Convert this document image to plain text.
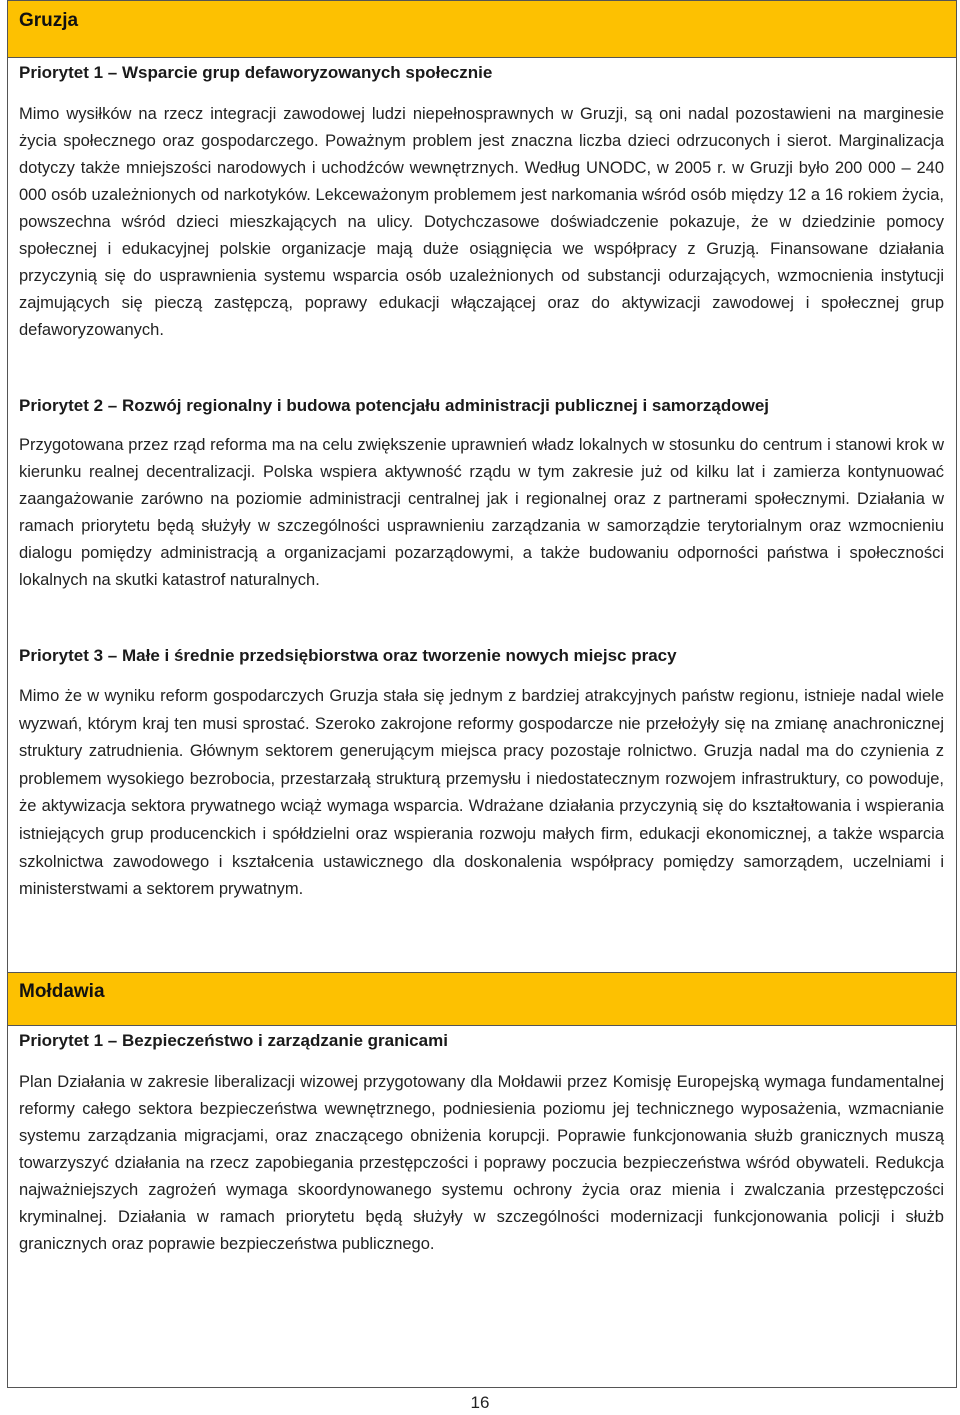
Gruzja
Priorytet 1 – Wsparcie grup defaworyzowanych społecznie
Mimo wysiłków na rzecz integracji zawodowej ludzi niepełnosprawnych w Gruzji, są oni nadal pozostawieni na marginesie życia społecznego oraz gospodarczego. Poważnym problem jest znaczna liczba dzieci odrzuconych i sierot. Marginalizacja dotyczy także mniejszości narodowych i uchodźców wewnętrznych. Według UNODC, w 2005 r. w Gruzji było 200 000 – 240 000 osób uzależnionych od narkotyków. Lekceważonym problemem jest narkomania wśród osób między 12 a 16 rokiem życia, powszechna wśród dzieci mieszkających na ulicy. Dotychczasowe doświadczenie pokazuje, że w dziedzinie pomocy społecznej i edukacyjnej polskie organizacje mają duże osiągnięcia we współpracy z Gruzją. Finansowane działania przyczynią się do usprawnienia systemu wsparcia osób uzależnionych od substancji odurzających, wzmocnienia instytucji zajmujących się pieczą zastępczą, poprawy edukacji włączającej oraz do aktywizacji zawodowej i społecznej grup defaworyzowanych.
Priorytet 2 – Rozwój regionalny i budowa potencjału administracji publicznej i samorządowej
Przygotowana przez rząd reforma ma na celu zwiększenie uprawnień władz lokalnych w stosunku do centrum i stanowi krok w kierunku realnej decentralizacji. Polska wspiera aktywność rządu w tym zakresie już od kilku lat i zamierza kontynuować zaangażowanie zarówno na poziomie administracji centralnej jak i regionalnej oraz z partnerami społecznymi. Działania w ramach priorytetu będą służyły w szczególności usprawnieniu zarządzania w samorządzie terytorialnym oraz wzmocnieniu dialogu pomiędzy administracją a organizacjami pozarządowymi, a także budowaniu odporności państwa i społeczności lokalnych na skutki katastrof naturalnych.
Priorytet 3 – Małe i średnie przedsiębiorstwa oraz tworzenie nowych miejsc pracy
Mimo że w wyniku reform gospodarczych Gruzja stała się jednym z bardziej atrakcyjnych państw regionu, istnieje nadal wiele wyzwań, którym kraj ten musi sprostać. Szeroko zakrojone reformy gospodarcze nie przełożyły się na zmianę anachronicznej struktury zatrudnienia. Głównym sektorem generującym miejsca pracy pozostaje rolnictwo. Gruzja nadal ma do czynienia z problemem wysokiego bezrobocia, przestarzałą strukturą przemysłu i niedostatecznym rozwojem infrastruktury, co powoduje, że aktywizacja sektora prywatnego wciąż wymaga wsparcia. Wdrażane działania przyczynią się do kształtowania i wspierania istniejących grup producenckich i spółdzielni oraz wspierania rozwoju małych firm, edukacji ekonomicznej, a także wsparcia szkolnictwa zawodowego i kształcenia ustawicznego dla doskonalenia współpracy pomiędzy samorządem, uczelniami i ministerstwami a sektorem prywatnym.
Mołdawia
Priorytet 1 – Bezpieczeństwo i zarządzanie granicami
Plan Działania w zakresie liberalizacji wizowej przygotowany dla Mołdawii przez Komisję Europejską wymaga fundamentalnej reformy całego sektora bezpieczeństwa wewnętrznego, podniesienia poziomu jej technicznego wyposażenia, wzmacnianie systemu zarządzania migracjami, oraz znaczącego obniżenia korupcji. Poprawie funkcjonowania służb granicznych muszą towarzyszyć działania na rzecz zapobiegania przestępczości i poprawy poczucia bezpieczeństwa wśród obywateli. Redukcja najważniejszych zagrożeń wymaga skoordynowanego systemu ochrony życia oraz mienia i zwalczania przestępczości kryminalnej. Działania w ramach priorytetu będą służyły w szczególności modernizacji funkcjonowania policji i służb granicznych oraz poprawie bezpieczeństwa publicznego.
16
